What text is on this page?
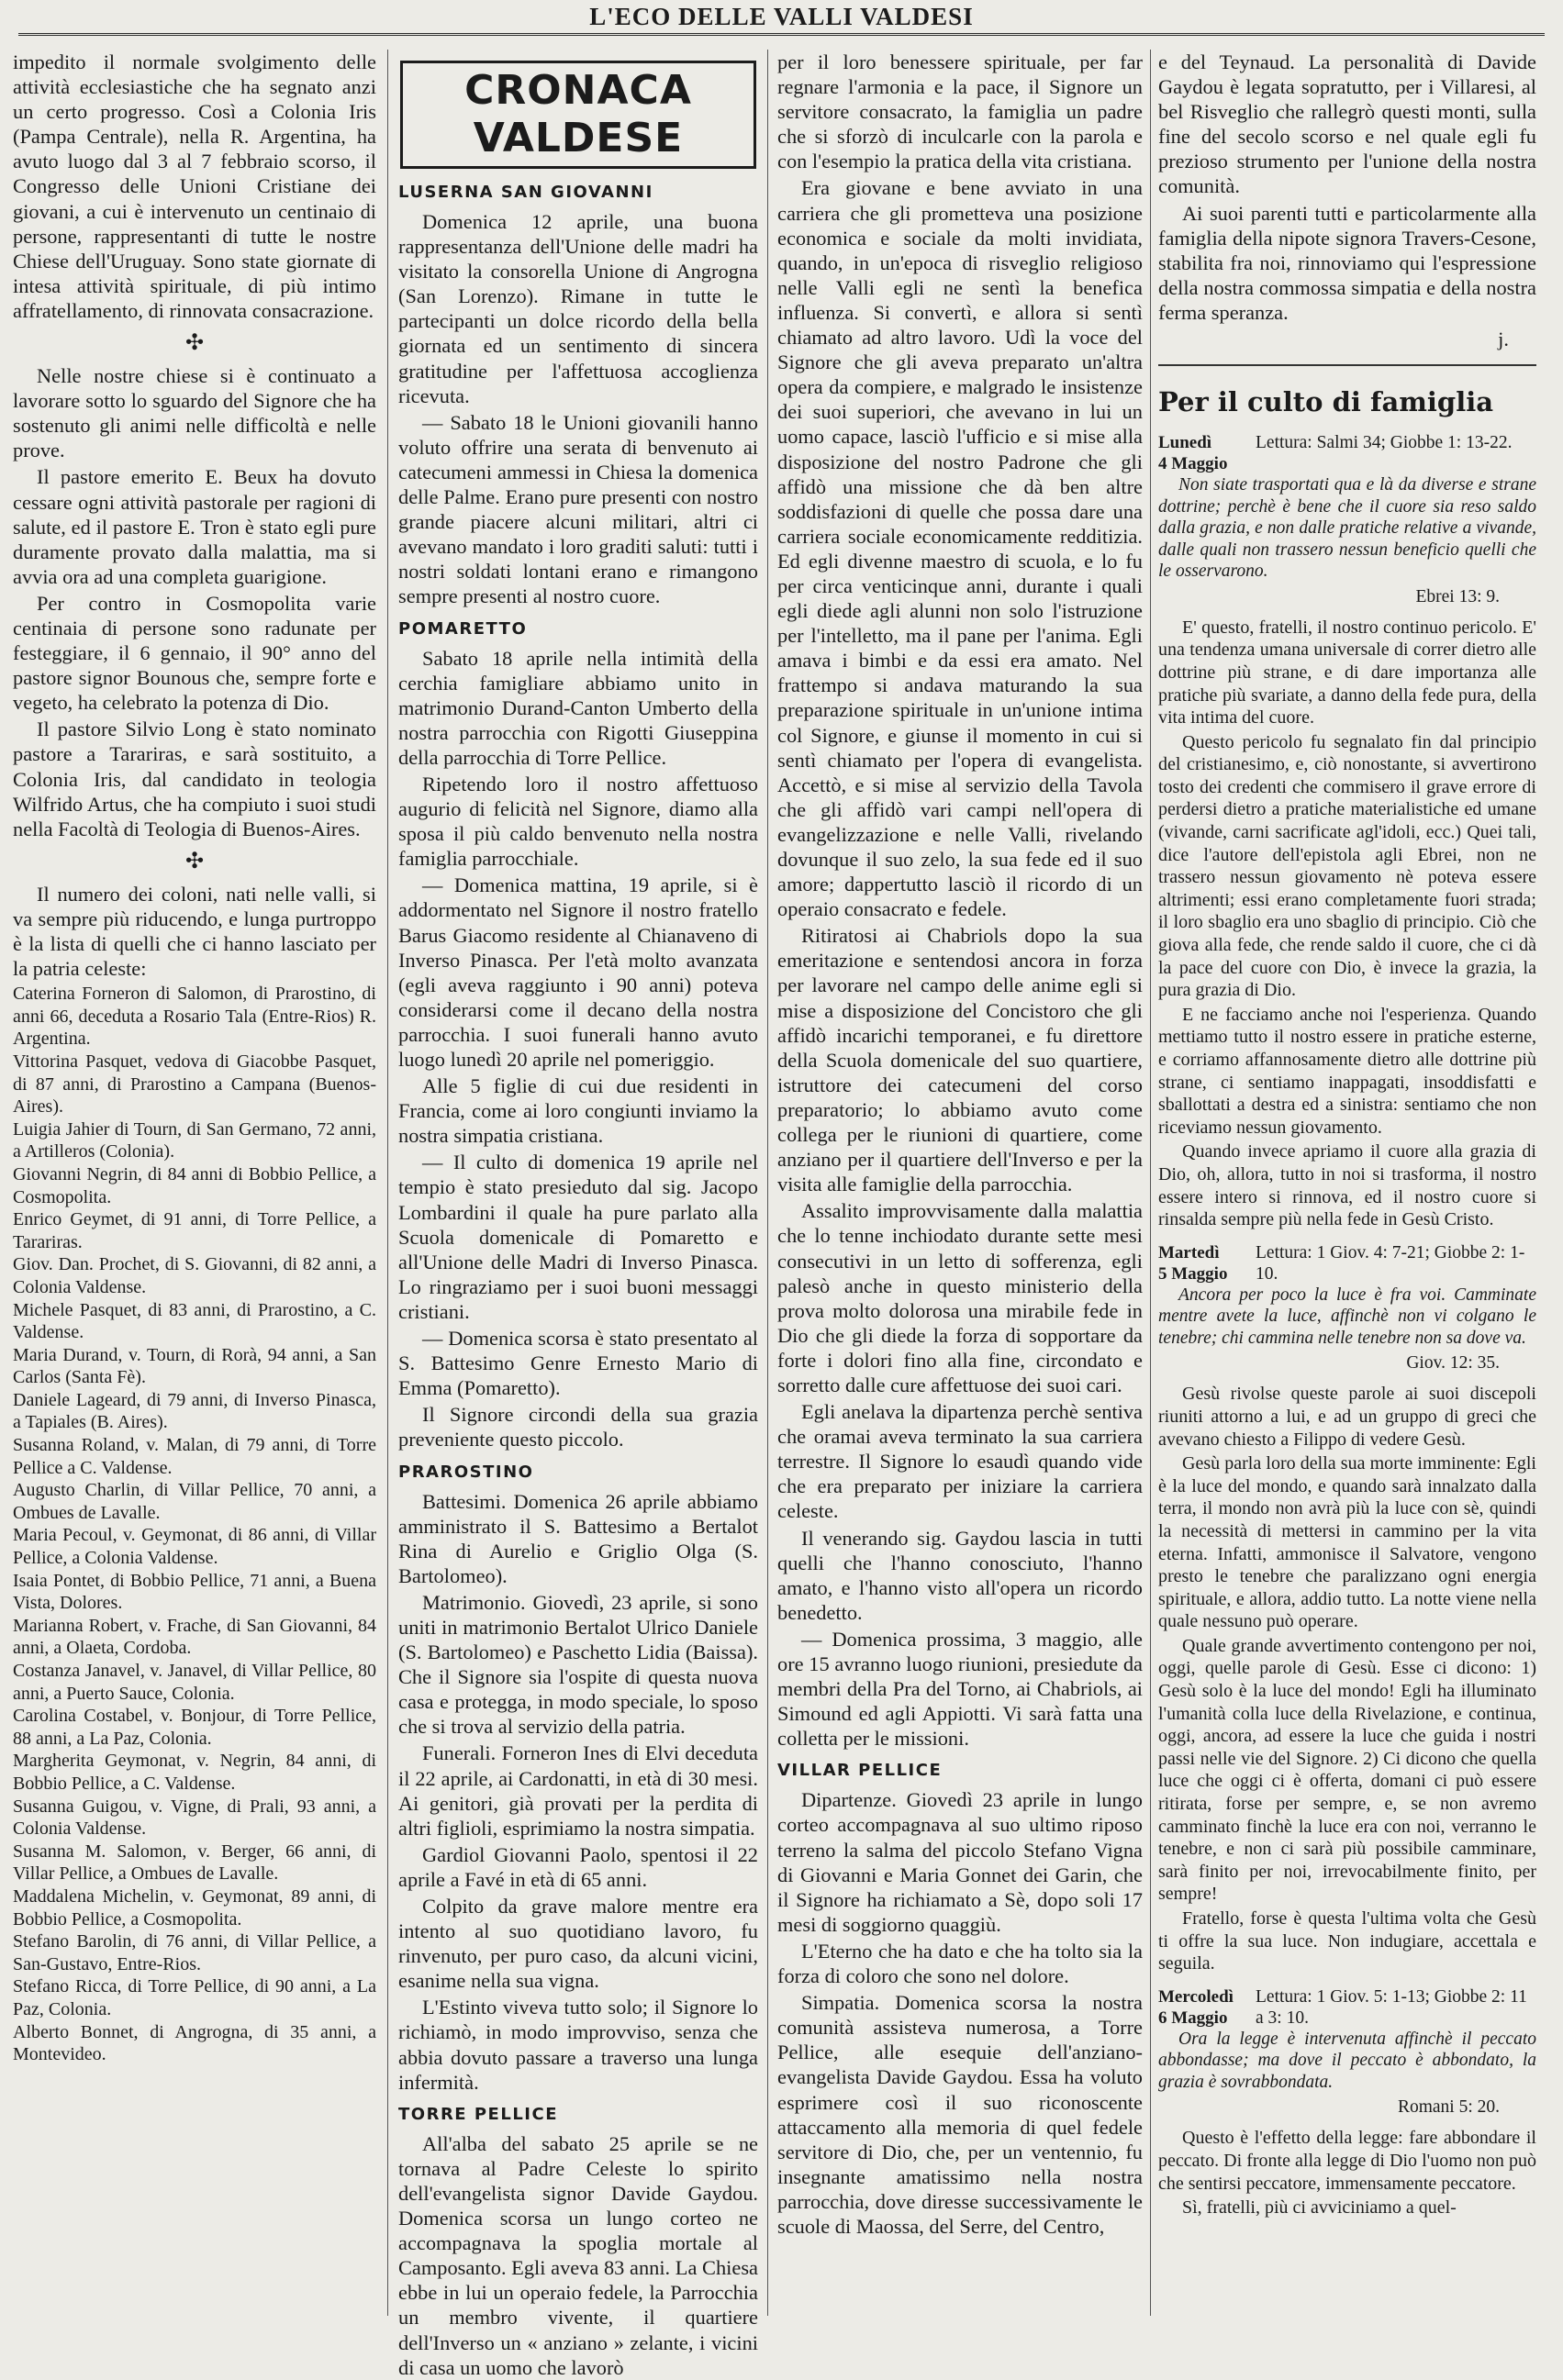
L'ECO DELLE VALLI VALDESI

impedito il normale svolgimento delle attività ecclesiastiche che ha segnato anzi un certo progresso. Così a Colonia Iris (Pampa Centrale), nella R. Argentina, ha avuto luogo dal 3 al 7 febbraio scorso, il Congresso delle Unioni Cristiane dei giovani, a cui è intervenuto un centinaio di persone, rappresentanti di tutte le nostre Chiese dell'Uruguay. Sono state giornate di intesa attività spirituale, di più intimo affratellamento, di rinnovata consacrazione.

✣

Nelle nostre chiese si è continuato a lavorare sotto lo sguardo del Signore che ha sostenuto gli animi nelle difficoltà e nelle prove.

Il pastore emerito E. Beux ha dovuto cessare ogni attività pastorale per ragioni di salute, ed il pastore E. Tron è stato egli pure duramente provato dalla malattia, ma si avvia ora ad una completa guarigione.

Per contro in Cosmopolita varie centinaia di persone sono radunate per festeggiare, il 6 gennaio, il 90° anno del pastore signor Bounous che, sempre forte e vegeto, ha celebrato la potenza di Dio.

Il pastore Silvio Long è stato nominato pastore a Tarariras, e sarà sostituito, a Colonia Iris, dal candidato in teologia Wilfrido Artus, che ha compiuto i suoi studi nella Facoltà di Teologia di Buenos-Aires.

✣

Il numero dei coloni, nati nelle valli, si va sempre più riducendo, e lunga purtroppo è la lista di quelli che ci hanno lasciato per la patria celeste:

Caterina Forneron di Salomon, di Prarostino, di anni 66, deceduta a Rosario Tala (Entre-Rios) R. Argentina.

Vittorina Pasquet, vedova di Giacobbe Pasquet, di 87 anni, di Prarostino a Campana (Buenos-Aires).

Luigia Jahier di Tourn, di San Germano, 72 anni, a Artilleros (Colonia).

Giovanni Negrin, di 84 anni di Bobbio Pellice, a Cosmopolita.

Enrico Geymet, di 91 anni, di Torre Pellice, a Tarariras.

Giov. Dan. Prochet, di S. Giovanni, di 82 anni, a Colonia Valdense.

Michele Pasquet, di 83 anni, di Prarostino, a C. Valdense.

Maria Durand, v. Tourn, di Rorà, 94 anni, a San Carlos (Santa Fè).

Daniele Lageard, di 79 anni, di Inverso Pinasca, a Tapiales (B. Aires).

Susanna Roland, v. Malan, di 79 anni, di Torre Pellice a C. Valdense.

Augusto Charlin, di Villar Pellice, 70 anni, a Ombues de Lavalle.

Maria Pecoul, v. Geymonat, di 86 anni, di Villar Pellice, a Colonia Valdense.

Isaia Pontet, di Bobbio Pellice, 71 anni, a Buena Vista, Dolores.

Marianna Robert, v. Frache, di San Giovanni, 84 anni, a Olaeta, Cordoba.

Costanza Janavel, v. Janavel, di Villar Pellice, 80 anni, a Puerto Sauce, Colonia.

Carolina Costabel, v. Bonjour, di Torre Pellice, 88 anni, a La Paz, Colonia.

Margherita Geymonat, v. Negrin, 84 anni, di Bobbio Pellice, a C. Valdense.

Susanna Guigou, v. Vigne, di Prali, 93 anni, a Colonia Valdense.

Susanna M. Salomon, v. Berger, 66 anni, di Villar Pellice, a Ombues de Lavalle.

Maddalena Michelin, v. Geymonat, 89 anni, di Bobbio Pellice, a Cosmopolita.

Stefano Barolin, di 76 anni, di Villar Pellice, a San-Gustavo, Entre-Rios.

Stefano Ricca, di Torre Pellice, di 90 anni, a La Paz, Colonia.

Alberto Bonnet, di Angrogna, di 35 anni, a Montevideo.

CRONACA VALDESE
LUSERNA SAN GIOVANNI

Domenica 12 aprile, una buona rappresentanza dell'Unione delle madri ha visitato la consorella Unione di Angrogna (San Lorenzo). Rimane in tutte le partecipanti un dolce ricordo della bella giornata ed un sentimento di sincera gratitudine per l'affettuosa accoglienza ricevuta.

— Sabato 18 le Unioni giovanili hanno voluto offrire una serata di benvenuto ai catecumeni ammessi in Chiesa la domenica delle Palme. Erano pure presenti con nostro grande piacere alcuni militari, altri ci avevano mandato i loro graditi saluti: tutti i nostri soldati lontani erano e rimangono sempre presenti al nostro cuore.

POMARETTO

Sabato 18 aprile nella intimità della cerchia famigliare abbiamo unito in matrimonio Durand-Canton Umberto della nostra parrocchia con Rigotti Giuseppina della parrocchia di Torre Pellice.

Ripetendo loro il nostro affettuoso augurio di felicità nel Signore, diamo alla sposa il più caldo benvenuto nella nostra famiglia parrocchiale.

— Domenica mattina, 19 aprile, si è addormentato nel Signore il nostro fratello Barus Giacomo residente al Chianaveno di Inverso Pinasca. Per l'età molto avanzata (egli aveva raggiunto i 90 anni) poteva considerarsi come il decano della nostra parrocchia. I suoi funerali hanno avuto luogo lunedì 20 aprile nel pomeriggio.

Alle 5 figlie di cui due residenti in Francia, come ai loro congiunti inviamo la nostra simpatia cristiana.

— Il culto di domenica 19 aprile nel tempio è stato presieduto dal sig. Jacopo Lombardini il quale ha pure parlato alla Scuola domenicale di Pomaretto e all'Unione delle Madri di Inverso Pinasca. Lo ringraziamo per i suoi buoni messaggi cristiani.

— Domenica scorsa è stato presentato al S. Battesimo Genre Ernesto Mario di Emma (Pomaretto).

Il Signore circondi della sua grazia preveniente questo piccolo.

PRAROSTINO

Battesimi. Domenica 26 aprile abbiamo amministrato il S. Battesimo a Bertalot Rina di Aurelio e Griglio Olga (S. Bartolomeo).

Matrimonio. Giovedì, 23 aprile, si sono uniti in matrimonio Bertalot Ulrico Daniele (S. Bartolomeo) e Paschetto Lidia (Baissa). Che il Signore sia l'ospite di questa nuova casa e protegga, in modo speciale, lo sposo che si trova al servizio della patria.

Funerali. Forneron Ines di Elvi deceduta il 22 aprile, ai Cardonatti, in età di 30 mesi. Ai genitori, già provati per la perdita di altri figlioli, esprimiamo la nostra simpatia.

Gardiol Giovanni Paolo, spentosi il 22 aprile a Favé in età di 65 anni.

Colpito da grave malore mentre era intento al suo quotidiano lavoro, fu rinvenuto, per puro caso, da alcuni vicini, esanime nella sua vigna.

L'Estinto viveva tutto solo; il Signore lo richiamò, in modo improvviso, senza che abbia dovuto passare a traverso una lunga infermità.

TORRE PELLICE

All'alba del sabato 25 aprile se ne tornava al Padre Celeste lo spirito dell'evangelista signor Davide Gaydou. Domenica scorsa un lungo corteo ne accompagnava la spoglia mortale al Camposanto. Egli aveva 83 anni. La Chiesa ebbe in lui un operaio fedele, la Parrocchia un membro vivente, il quartiere dell'Inverso un « anziano » zelante, i vicini di casa un uomo che lavorò

per il loro benessere spirituale, per far regnare l'armonia e la pace, il Signore un servitore consacrato, la famiglia un padre che si sforzò di inculcarle con la parola e con l'esempio la pratica della vita cristiana.

Era giovane e bene avviato in una carriera che gli prometteva una posizione economica e sociale da molti invidiata, quando, in un'epoca di risveglio religioso nelle Valli egli ne sentì la benefica influenza. Si convertì, e allora si sentì chiamato ad altro lavoro. Udì la voce del Signore che gli aveva preparato un'altra opera da compiere, e malgrado le insistenze dei suoi superiori, che avevano in lui un uomo capace, lasciò l'ufficio e si mise alla disposizione del nostro Padrone che gli affidò una missione che dà ben altre soddisfazioni di quelle che possa dare una carriera sociale economicamente redditizia. Ed egli divenne maestro di scuola, e lo fu per circa venticinque anni, durante i quali egli diede agli alunni non solo l'istruzione per l'intelletto, ma il pane per l'anima. Egli amava i bimbi e da essi era amato. Nel frattempo si andava maturando la sua preparazione spirituale in un'unione intima col Signore, e giunse il momento in cui si sentì chiamato per l'opera di evangelista. Accettò, e si mise al servizio della Tavola che gli affidò vari campi nell'opera di evangelizzazione e nelle Valli, rivelando dovunque il suo zelo, la sua fede ed il suo amore; dappertutto lasciò il ricordo di un operaio consacrato e fedele.

Ritiratosi ai Chabriols dopo la sua emeritazione e sentendosi ancora in forza per lavorare nel campo delle anime egli si mise a disposizione del Concistoro che gli affidò incarichi temporanei, e fu direttore della Scuola domenicale del suo quartiere, istruttore dei catecumeni del corso preparatorio; lo abbiamo avuto come collega per le riunioni di quartiere, come anziano per il quartiere dell'Inverso e per la visita alle famiglie della parrocchia.

Assalito improvvisamente dalla malattia che lo tenne inchiodato durante sette mesi consecutivi in un letto di sofferenza, egli palesò anche in questo ministerio della prova molto dolorosa una mirabile fede in Dio che gli diede la forza di sopportare da forte i dolori fino alla fine, circondato e sorretto dalle cure affettuose dei suoi cari.

Egli anelava la dipartenza perchè sentiva che oramai aveva terminato la sua carriera terrestre. Il Signore lo esaudì quando vide che era preparato per iniziare la carriera celeste.

Il venerando sig. Gaydou lascia in tutti quelli che l'hanno conosciuto, l'hanno amato, e l'hanno visto all'opera un ricordo benedetto.

— Domenica prossima, 3 maggio, alle ore 15 avranno luogo riunioni, presiedute da membri della Pra del Torno, ai Chabriols, ai Simound ed agli Appiotti. Vi sarà fatta una colletta per le missioni.

VILLAR PELLICE

Dipartenze. Giovedì 23 aprile in lungo corteo accompagnava al suo ultimo riposo terreno la salma del piccolo Stefano Vigna di Giovanni e Maria Gonnet dei Garin, che il Signore ha richiamato a Sè, dopo soli 17 mesi di soggiorno quaggiù.

L'Eterno che ha dato e che ha tolto sia la forza di coloro che sono nel dolore.

Simpatia. Domenica scorsa la nostra comunità assisteva numerosa, a Torre Pellice, alle esequie dell'anziano-evangelista Davide Gaydou. Essa ha voluto esprimere così il suo riconoscente attaccamento alla memoria di quel fedele servitore di Dio, che, per un ventennio, fu insegnante amatissimo nella nostra parrocchia, dove diresse successivamente le scuole di Maossa, del Serre, del Centro,

e del Teynaud. La personalità di Davide Gaydou è legata sopratutto, per i Villaresi, al bel Risveglio che rallegrò questi monti, sulla fine del secolo scorso e nel quale egli fu prezioso strumento per l'unione della nostra comunità.

Ai suoi parenti tutti e particolarmente alla famiglia della nipote signora Travers-Cesone, stabilita fra noi, rinnoviamo qui l'espressione della nostra commossa simpatia e della nostra ferma speranza.

j.
Per il culto di famiglia
Lunedì
4 Maggio
Lettura: Salmi 34; Giobbe 1: 13-22.

Non siate trasportati qua e là da diverse e strane dottrine; perchè è bene che il cuore sia reso saldo dalla grazia, e non dalle pratiche relative a vivande, dalle quali non trassero nessun beneficio quelli che le osservarono.

Ebrei 13: 9.

E' questo, fratelli, il nostro continuo pericolo. E' una tendenza umana universale di correr dietro alle dottrine più strane, e di dare importanza alle pratiche più svariate, a danno della fede pura, della vita intima del cuore.

Questo pericolo fu segnalato fin dal principio del cristianesimo, e, ciò nonostante, si avvertirono tosto dei credenti che commisero il grave errore di perdersi dietro a pratiche materialistiche ed umane (vivande, carni sacrificate agl'idoli, ecc.) Quei tali, dice l'autore dell'epistola agli Ebrei, non ne trassero nessun giovamento nè poteva essere altrimenti; essi erano completamente fuori strada; il loro sbaglio era uno sbaglio di principio. Ciò che giova alla fede, che rende saldo il cuore, che ci dà la pace del cuore con Dio, è invece la grazia, la pura grazia di Dio.

E ne facciamo anche noi l'esperienza. Quando mettiamo tutto il nostro essere in pratiche esterne, e corriamo affannosamente dietro alle dottrine più strane, ci sentiamo inappagati, insoddisfatti e sballottati a destra ed a sinistra: sentiamo che non riceviamo nessun giovamento.

Quando invece apriamo il cuore alla grazia di Dio, oh, allora, tutto in noi si trasforma, il nostro essere intero si rinnova, ed il nostro cuore si rinsalda sempre più nella fede in Gesù Cristo.

Martedì
5 Maggio
Lettura: 1 Giov. 4: 7-21; Giobbe 2: 1-10.

Ancora per poco la luce è fra voi. Camminate mentre avete la luce, affinchè non vi colgano le tenebre; chi cammina nelle tenebre non sa dove va.

Giov. 12: 35.

Gesù rivolse queste parole ai suoi discepoli riuniti attorno a lui, e ad un gruppo di greci che avevano chiesto a Filippo di vedere Gesù.

Gesù parla loro della sua morte imminente: Egli è la luce del mondo, e quando sarà innalzato dalla terra, il mondo non avrà più la luce con sè, quindi la necessità di mettersi in cammino per la vita eterna. Infatti, ammonisce il Salvatore, vengono presto le tenebre che paralizzano ogni energia spirituale, e allora, addio tutto. La notte viene nella quale nessuno può operare.

Quale grande avvertimento contengono per noi, oggi, quelle parole di Gesù. Esse ci dicono: 1) Gesù solo è la luce del mondo! Egli ha illuminato l'umanità colla luce della Rivelazione, e continua, oggi, ancora, ad essere la luce che guida i nostri passi nelle vie del Signore. 2) Ci dicono che quella luce che oggi ci è offerta, domani ci può essere ritirata, forse per sempre, e, se non avremo camminato finchè la luce era con noi, verranno le tenebre, e non ci sarà più possibile camminare, sarà finito per noi, irrevocabilmente finito, per sempre!

Fratello, forse è questa l'ultima volta che Gesù ti offre la sua luce. Non indugiare, accettala e seguila.

Mercoledì
6 Maggio
Lettura: 1 Giov. 5: 1-13; Giobbe 2: 11 a 3: 10.

Ora la legge è intervenuta affinchè il peccato abbondasse; ma dove il peccato è abbondato, la grazia è sovrabbondata.

Romani 5: 20.

Questo è l'effetto della legge: fare abbondare il peccato. Di fronte alla legge di Dio l'uomo non può che sentirsi peccatore, immensamente peccatore.

Sì, fratelli, più ci avviciniamo a quel-
